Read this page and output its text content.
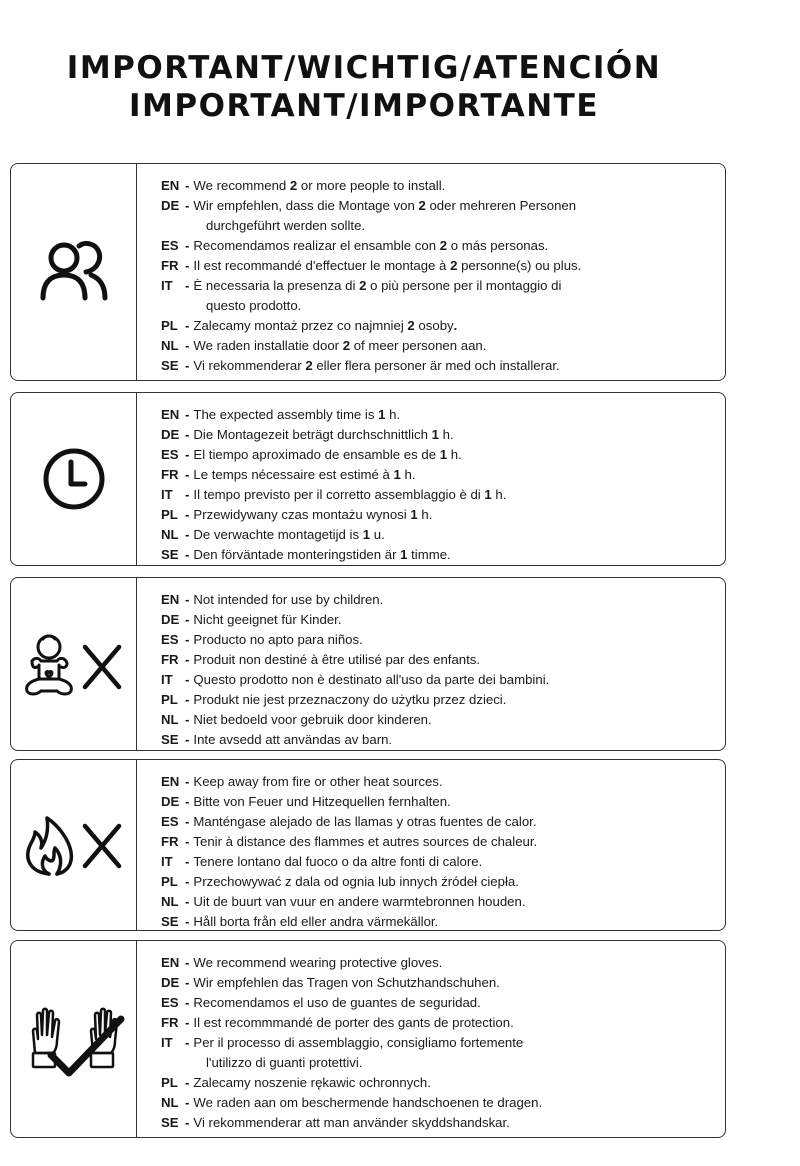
IMPORTANT/WICHTIG/ATENCIÓN
IMPORTANT/IMPORTANTE
EN - We recommend 2 or more people to install.
DE - Wir empfehlen, dass die Montage von 2 oder mehreren Personen
durchgeführt werden sollte.
ES - Recomendamos realizar el ensamble con 2 o más personas.
FR - Il est recommandé d'effectuer le montage à 2 personne(s) ou plus.
IT - È necessaria la presenza di 2 o più persone per il montaggio di
questo prodotto.
PL - Zalecamy montaż przez co najmniej 2 osoby.
NL - We raden installatie door 2 of meer personen aan.
SE - Vi rekommenderar 2 eller flera personer är med och installerar.
EN - The expected assembly time is 1 h.
DE - Die Montagezeit beträgt durchschnittlich 1 h.
ES - El tiempo aproximado de ensamble es de 1 h.
FR - Le temps nécessaire est estimé à 1 h.
IT - Il tempo previsto per il corretto assemblaggio è di 1 h.
PL - Przewidywany czas montażu wynosi 1 h.
NL - De verwachte montagetijd is 1 u.
SE - Den förväntade monteringstiden är 1 timme.
EN - Not intended for use by children.
DE - Nicht geeignet für Kinder.
ES - Producto no apto para niños.
FR - Produit non destiné à être utilisé par des enfants.
IT - Questo prodotto non è destinato all'uso da parte dei bambini.
PL - Produkt nie jest przeznaczony do użytku przez dzieci.
NL - Niet bedoeld voor gebruik door kinderen.
SE - Inte avsedd att användas av barn.
EN - Keep away from fire or other heat sources.
DE - Bitte von Feuer und Hitzequellen fernhalten.
ES - Manténgase alejado de las llamas y otras fuentes de calor.
FR - Tenir à distance des flammes et autres sources de chaleur.
IT - Tenere lontano dal fuoco o da altre fonti di calore.
PL - Przechowywać z dala od ognia lub innych źródeł ciepła.
NL - Uit de buurt van vuur en andere warmtebronnen houden.
SE - Håll borta från eld eller andra värmekällor.
EN - We recommend wearing protective gloves.
DE - Wir empfehlen das Tragen von Schutzhandschuhen.
ES - Recomendamos el uso de guantes de seguridad.
FR - Il est recommmandé de porter des gants de protection.
IT - Per il processo di assemblaggio, consigliamo fortemente
l'utilizzo di guanti protettivi.
PL - Zalecamy noszenie rękawic ochronnych.
NL - We raden aan om beschermende handschoenen te dragen.
SE - Vi rekommenderar att man använder skyddshandskar.
